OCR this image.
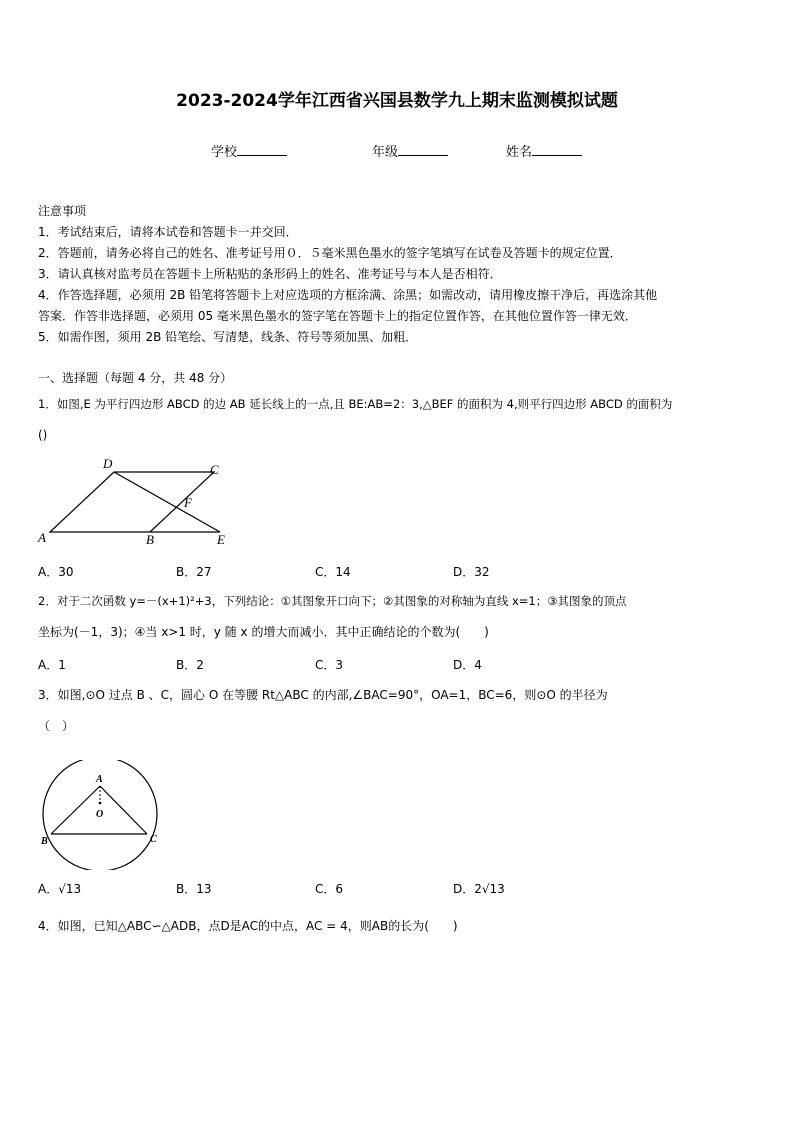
2023-2024学年江西省兴国县数学九上期末监测模拟试题
学校	年级	姓名
注意事项
1．考试结束后，请将本试卷和答题卡一并交回．
2．答题前，请务必将自己的姓名、准考证号用０．５毫米黑色墨水的签字笔填写在试卷及答题卡的规定位置．
3．请认真核对监考员在答题卡上所粘贴的条形码上的姓名、准考证号与本人是否相符．
4．作答选择题，必须用 2B 铅笔将答题卡上对应选项的方框涂满、涂黑；如需改动，请用橡皮擦干净后，再选涂其他
答案．作答非选择题，必须用 05 毫米黑色墨水的签字笔在答题卡上的指定位置作答，在其他位置作答一律无效．
5．如需作图，须用 2B 铅笔绘、写清楚，线条、符号等须加黑、加粗．
一、选择题（每题 4 分，共 48 分）
1．如图,E 为平行四边形 ABCD 的边 AB 延长线上的一点,且 BE:AB=2：3,△BEF 的面积为 4,则平行四边形 ABCD 的面积为
()
A
D	C
F
B	E
A．30	B．27	C．14	D．32
2．对于二次函数 y=－(x+1)²+3，下列结论：①其图象开口向下；②其图象的对称轴为直线 x=1；③其图象的顶点
坐标为(－1，3)；④当 x>1 时，y 随 x 的增大而减小．其中正确结论的个数为(　　)
A．1	B．2	C．3	D．4
3．如图,⊙O 过点 B 、C，圆心 O 在等腰 Rt△ABC 的内部,∠BAC=90°，OA=1，BC=6，则⊙O 的半径为
（　）
A
O
B	C
A．√13	B．13	C．6	D．2√13
4．如图，已知△ABC∽△ADB，点D是AC的中点，AC = 4，则AB的长为(　　)
